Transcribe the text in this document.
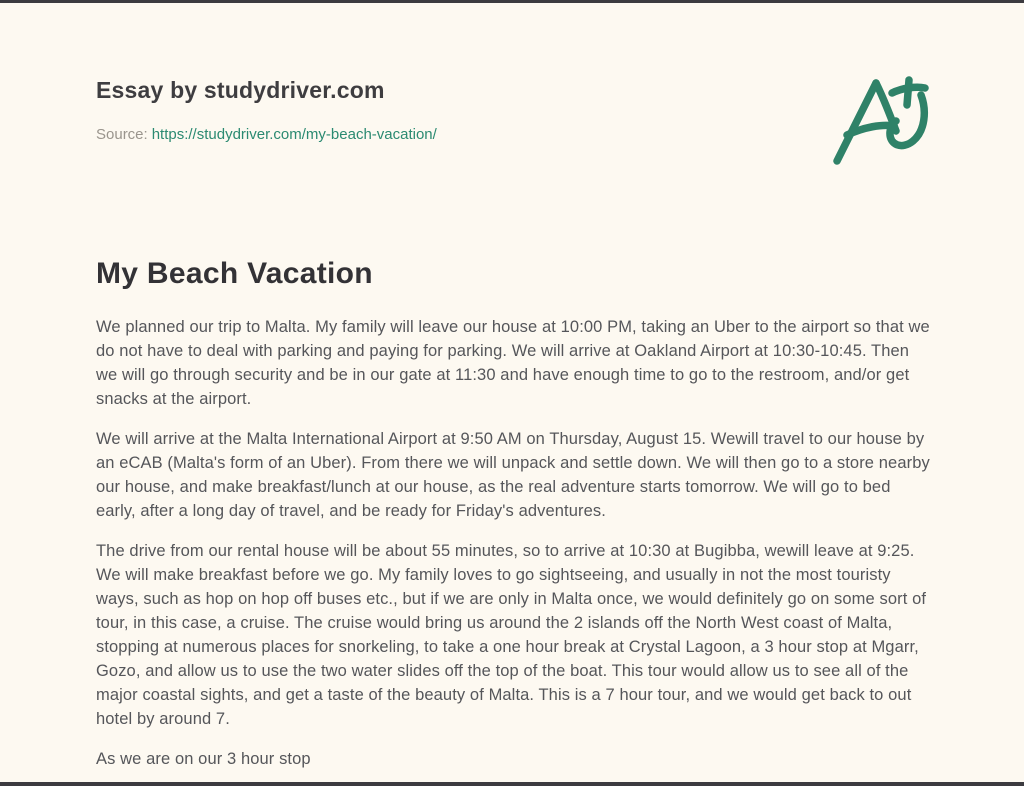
Essay by studydriver.com
Source: https://studydriver.com/my-beach-vacation/
My Beach Vacation

We planned our trip to Malta. My family will leave our house at 10:00 PM, taking an Uber to the airport so that we do not have to deal with parking and paying for parking. We will arrive at Oakland Airport at 10:30-10:45. Then we will go through security and be in our gate at 11:30 and have enough time to go to the restroom, and/or get snacks at the airport.

We will arrive at the Malta International Airport at 9:50 AM on Thursday, August 15. Wewill travel to our house by an eCAB (Malta's form of an Uber). From there we will unpack and settle down. We will then go to a store nearby our house, and make breakfast/lunch at our house, as the real adventure starts tomorrow. We will go to bed early, after a long day of travel, and be ready for Friday's adventures.

The drive from our rental house will be about 55 minutes, so to arrive at 10:30 at Bugibba, wewill leave at 9:25. We will make breakfast before we go. My family loves to go sightseeing, and usually in not the most touristy ways, such as hop on hop off buses etc., but if we are only in Malta once, we would definitely go on some sort of tour, in this case, a cruise. The cruise would bring us around the 2 islands off the North West coast of Malta, stopping at numerous places for snorkeling, to take a one hour break at Crystal Lagoon, a 3 hour stop at Mgarr, Gozo, and allow us to use the two water slides off the top of the boat. This tour would allow us to see all of the major coastal sights, and get a taste of the beauty of Malta. This is a 7 hour tour, and we would get back to out hotel by around 7.

As we are on our 3 hour stop
